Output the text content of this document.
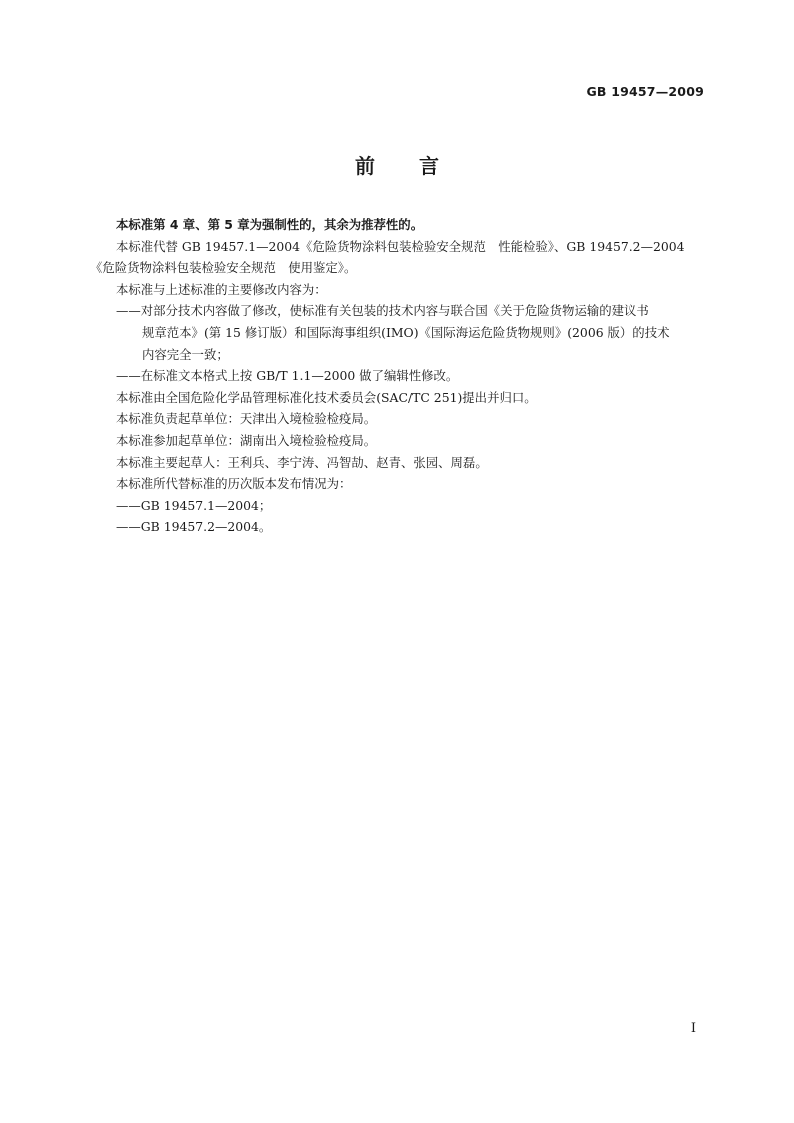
GB 19457—2009
前言

本标准第 4 章、第 5 章为强制性的，其余为推荐性的。

本标准代替 GB 19457.1—2004《危险货物涂料包装检验安全规范　性能检验》、GB 19457.2—2004

《危险货物涂料包装检验安全规范　使用鉴定》。

本标准与上述标准的主要修改内容为：

——对部分技术内容做了修改，使标准有关包装的技术内容与联合国《关于危险货物运输的建议书

规章范本》(第 15 修订版）和国际海事组织(IMO)《国际海运危险货物规则》(2006 版）的技术

内容完全一致；

——在标准文本格式上按 GB/T 1.1—2000 做了编辑性修改。

本标准由全国危险化学品管理标准化技术委员会(SAC/TC 251)提出并归口。

本标准负责起草单位：天津出入境检验检疫局。

本标准参加起草单位：湖南出入境检验检疫局。

本标准主要起草人：王利兵、李宁涛、冯智劼、赵青、张园、周磊。

本标准所代替标准的历次版本发布情况为：

——GB 19457.1—2004；

——GB 19457.2—2004。

I
